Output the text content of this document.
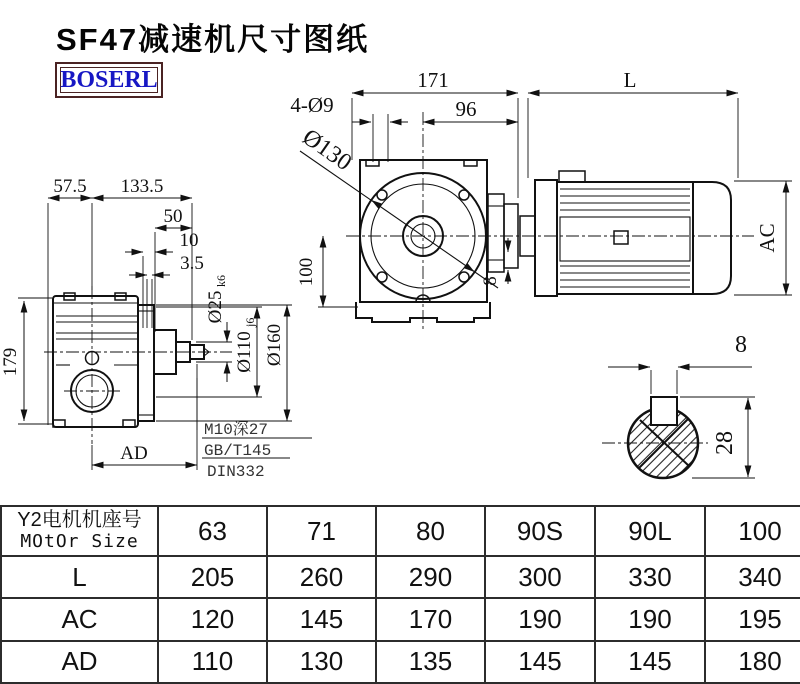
SF47减速机尺寸图纸
BOSERL
57.5 133.5
50
10
3.5
179
AD
Ø25
k6
Ø110
j6
Ø160
M10深27
GB/T145
DIN332
Ø130
171
96
4-Ø9
100	8
L
AC
8
28
Y2电机机座号
MOtOr Size	63	71	80	90S	90L	100
L	205	260	290	300	330	340
AC	120	145	170	190	190	195
AD	110	130	135	145	145	180
